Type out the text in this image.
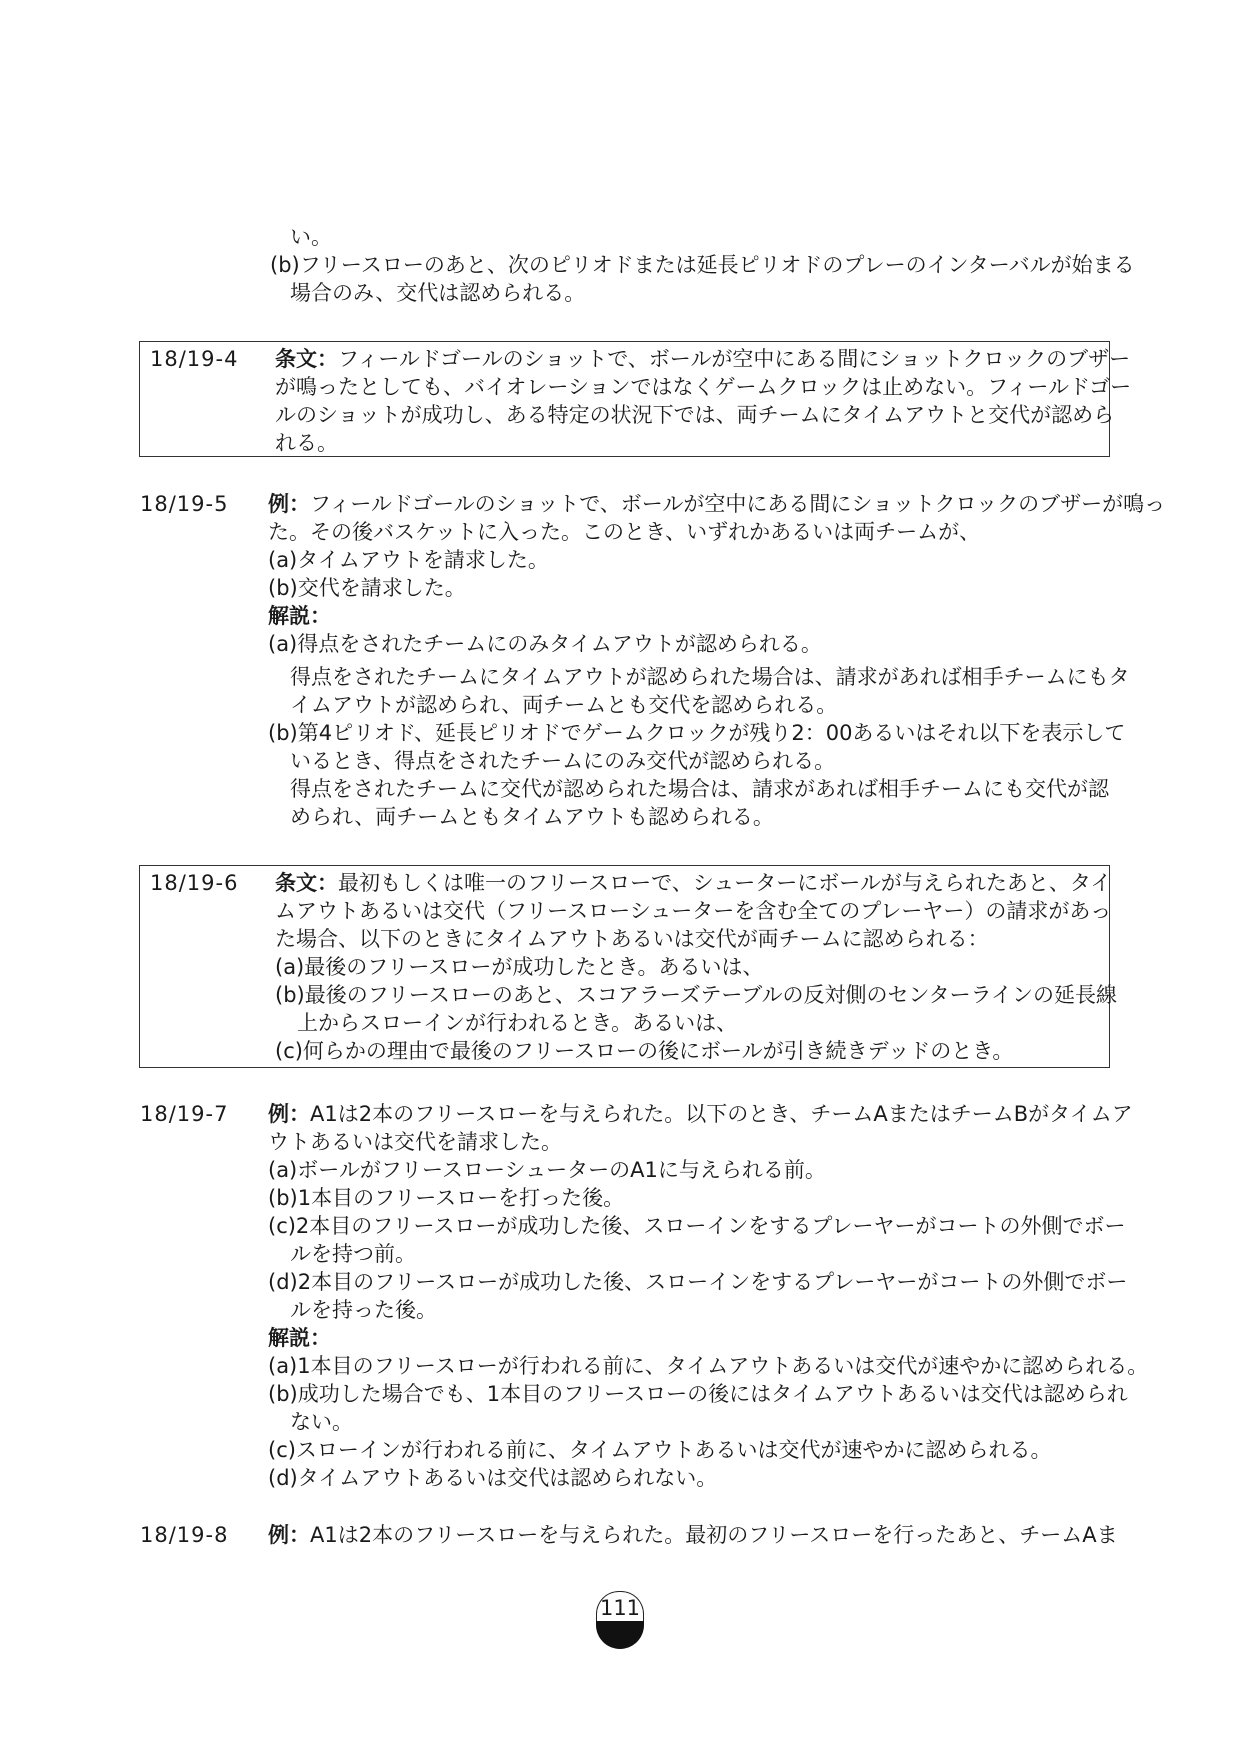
い。
(b)フリースローのあと、次のピリオドまたは延長ピリオドのプレーのインターバルが始まる
場合のみ、交代は認められる。
18/19-4 条文：フィールドゴールのショットで、ボールが空中にある間にショットクロックのブザー
が鳴ったとしても、バイオレーションではなくゲームクロックは止めない。フィールドゴー
ルのショットが成功し、ある特定の状況下では、両チームにタイムアウトと交代が認めら
れる。
18/19-5 例：フィールドゴールのショットで、ボールが空中にある間にショットクロックのブザーが鳴っ
た。その後バスケットに入った。このとき、いずれかあるいは両チームが、
(a)タイムアウトを請求した。
(b)交代を請求した。
解説：
(a)得点をされたチームにのみタイムアウトが認められる。
得点をされたチームにタイムアウトが認められた場合は、請求があれば相手チームにもタ
イムアウトが認められ、両チームとも交代を認められる。
(b)第4ピリオド、延長ピリオドでゲームクロックが残り2：00あるいはそれ以下を表示して
いるとき、得点をされたチームにのみ交代が認められる。
得点をされたチームに交代が認められた場合は、請求があれば相手チームにも交代が認
められ、両チームともタイムアウトも認められる。
18/19-6 条文：最初もしくは唯一のフリースローで、シューターにボールが与えられたあと、タイ
ムアウトあるいは交代（フリースローシューターを含む全てのプレーヤー）の請求があっ
た場合、以下のときにタイムアウトあるいは交代が両チームに認められる：
(a)最後のフリースローが成功したとき。あるいは、
(b)最後のフリースローのあと、スコアラーズテーブルの反対側のセンターラインの延長線
上からスローインが行われるとき。あるいは、
(c)何らかの理由で最後のフリースローの後にボールが引き続きデッドのとき。
18/19-7 例：A1は2本のフリースローを与えられた。以下のとき、チームAまたはチームBがタイムア
ウトあるいは交代を請求した。
(a)ボールがフリースローシューターのA1に与えられる前。
(b)1本目のフリースローを打った後。
(c)2本目のフリースローが成功した後、スローインをするプレーヤーがコートの外側でボー
ルを持つ前。
(d)2本目のフリースローが成功した後、スローインをするプレーヤーがコートの外側でボー
ルを持った後。
解説：
(a)1本目のフリースローが行われる前に、タイムアウトあるいは交代が速やかに認められる。
(b)成功した場合でも、1本目のフリースローの後にはタイムアウトあるいは交代は認められ
ない。
(c)スローインが行われる前に、タイムアウトあるいは交代が速やかに認められる。
(d)タイムアウトあるいは交代は認められない。
18/19-8 例：A1は2本のフリースローを与えられた。最初のフリースローを行ったあと、チームAま
111
